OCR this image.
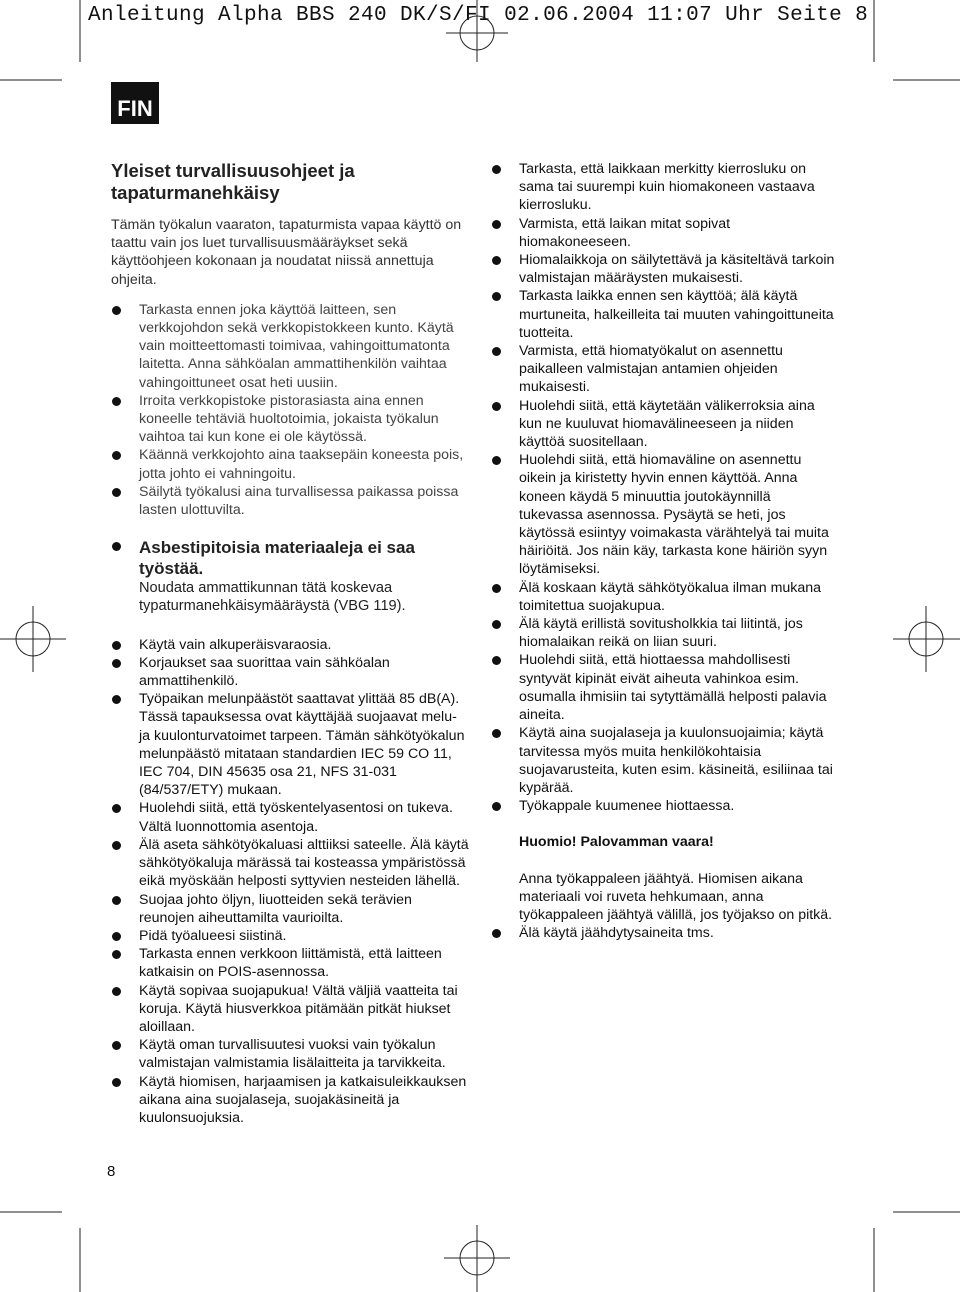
Anleitung Alpha BBS 240 DK/S/FI 02.06.2004 11:07 Uhr Seite 8
FIN
Yleiset turvallisuusohjeet ja tapaturmanehkäisy

Tämän työkalun vaaraton, tapaturmista vapaa käyttö on taattu vain jos luet turvallisuusmääräykset sekä käyttöohjeen kokonaan ja noudatat niissä annettuja ohjeita.

Tarkasta ennen joka käyttöä laitteen, sen verkkojohdon sekä verkkopistokkeen kunto. Käytä vain moitteettomasti toimivaa, vahingoittumatonta laitetta. Anna sähköalan ammattihenkilön vaihtaa vahingoittuneet osat heti uusiin.
Irroita verkkopistoke pistorasiasta aina ennen koneelle tehtäviä huoltotoimia, jokaista työkalun vaihtoa tai kun kone ei ole käytössä.
Käännä verkkojohto aina taaksepäin koneesta pois, jotta johto ei vahningoitu.
Säilytä työkalusi aina turvallisessa paikassa poissa lasten ulottuvilta.
Asbestipitoisia materiaaleja ei saa työstää.

Noudata ammattikunnan tätä koskevaa typaturmanehkäisymääräystä (VBG 119).

Käytä vain alkuperäisvaraosia.
Korjaukset saa suorittaa vain sähköalan ammattihenkilö.
Työpaikan melunpäästöt saattavat ylittää 85 dB(A). Tässä tapauksessa ovat käyttäjää suojaavat melu- ja kuulonturvatoimet tarpeen. Tämän sähkötyökalun melunpäästö mitataan standardien IEC 59 CO 11, IEC 704, DIN 45635 osa 21, NFS 31-031 (84/537/ETY) mukaan.
Huolehdi siitä, että työskentelyasentosi on tukeva. Vältä luonnottomia asentoja.
Älä aseta sähkötyökaluasi alttiiksi sateelle. Älä käytä sähkötyökaluja märässä tai kosteassa ympäristössä eikä myöskään helposti syttyvien nesteiden lähellä.
Suojaa johto öljyn, liuotteiden sekä terävien reunojen aiheuttamilta vaurioilta.
Pidä työalueesi siistinä.
Tarkasta ennen verkkoon liittämistä, että laitteen katkaisin on POIS-asennossa.
Käytä sopivaa suojapukua! Vältä väljiä vaatteita tai koruja. Käytä hiusverkkoa pitämään pitkät hiukset aloillaan.
Käytä oman turvallisuutesi vuoksi vain työkalun valmistajan valmistamia lisälaitteita ja tarvikkeita.
Käytä hiomisen, harjaamisen ja katkaisuleikkauksen aikana aina suojalaseja, suojakäsineitä ja kuulonsuojuksia.
Tarkasta, että laikkaan merkitty kierrosluku on sama tai suurempi kuin hiomakoneen vastaava kierrosluku.
Varmista, että laikan mitat sopivat hiomakoneeseen.
Hiomalaikkoja on säilytettävä ja käsiteltävä tarkoin valmistajan määräysten mukaisesti.
Tarkasta laikka ennen sen käyttöä; älä käytä murtuneita, halkeilleita tai muuten vahingoittuneita tuotteita.
Varmista, että hiomatyökalut on asennettu paikalleen valmistajan antamien ohjeiden mukaisesti.
Huolehdi siitä, että käytetään välikerroksia aina kun ne kuuluvat hiomavälineeseen ja niiden käyttöä suositellaan.
Huolehdi siitä, että hiomaväline on asennettu oikein ja kiristetty hyvin ennen käyttöä. Anna koneen käydä 5 minuuttia joutokäynnillä tukevassa asennossa. Pysäytä se heti, jos käytössä esiintyy voimakasta värähtelyä tai muita häiriöitä. Jos näin käy, tarkasta kone häiriön syyn löytämiseksi.
Älä koskaan käytä sähkötyökalua ilman mukana toimitettua suojakupua.
Älä käytä erillistä sovitusholkkia tai liitintä, jos hiomalaikan reikä on liian suuri.
Huolehdi siitä, että hiottaessa mahdollisesti syntyvät kipinät eivät aiheuta vahinkoa esim. osumalla ihmisiin tai sytyttämällä helposti palavia aineita.
Käytä aina suojalaseja ja kuulonsuojaimia; käytä tarvitessa myös muita henkilökohtaisia suojavarusteita, kuten esim. käsineitä, esiliinaa tai kypärää.
Työkappale kuumenee hiottaessa.

Huomio! Palovamman vaara!

Anna työkappaleen jäähtyä. Hiomisen aikana materiaali voi ruveta hehkumaan, anna työkappaleen jäähtyä välillä, jos työjakso on pitkä.

Älä käytä jäähdytysaineita tms.
8
